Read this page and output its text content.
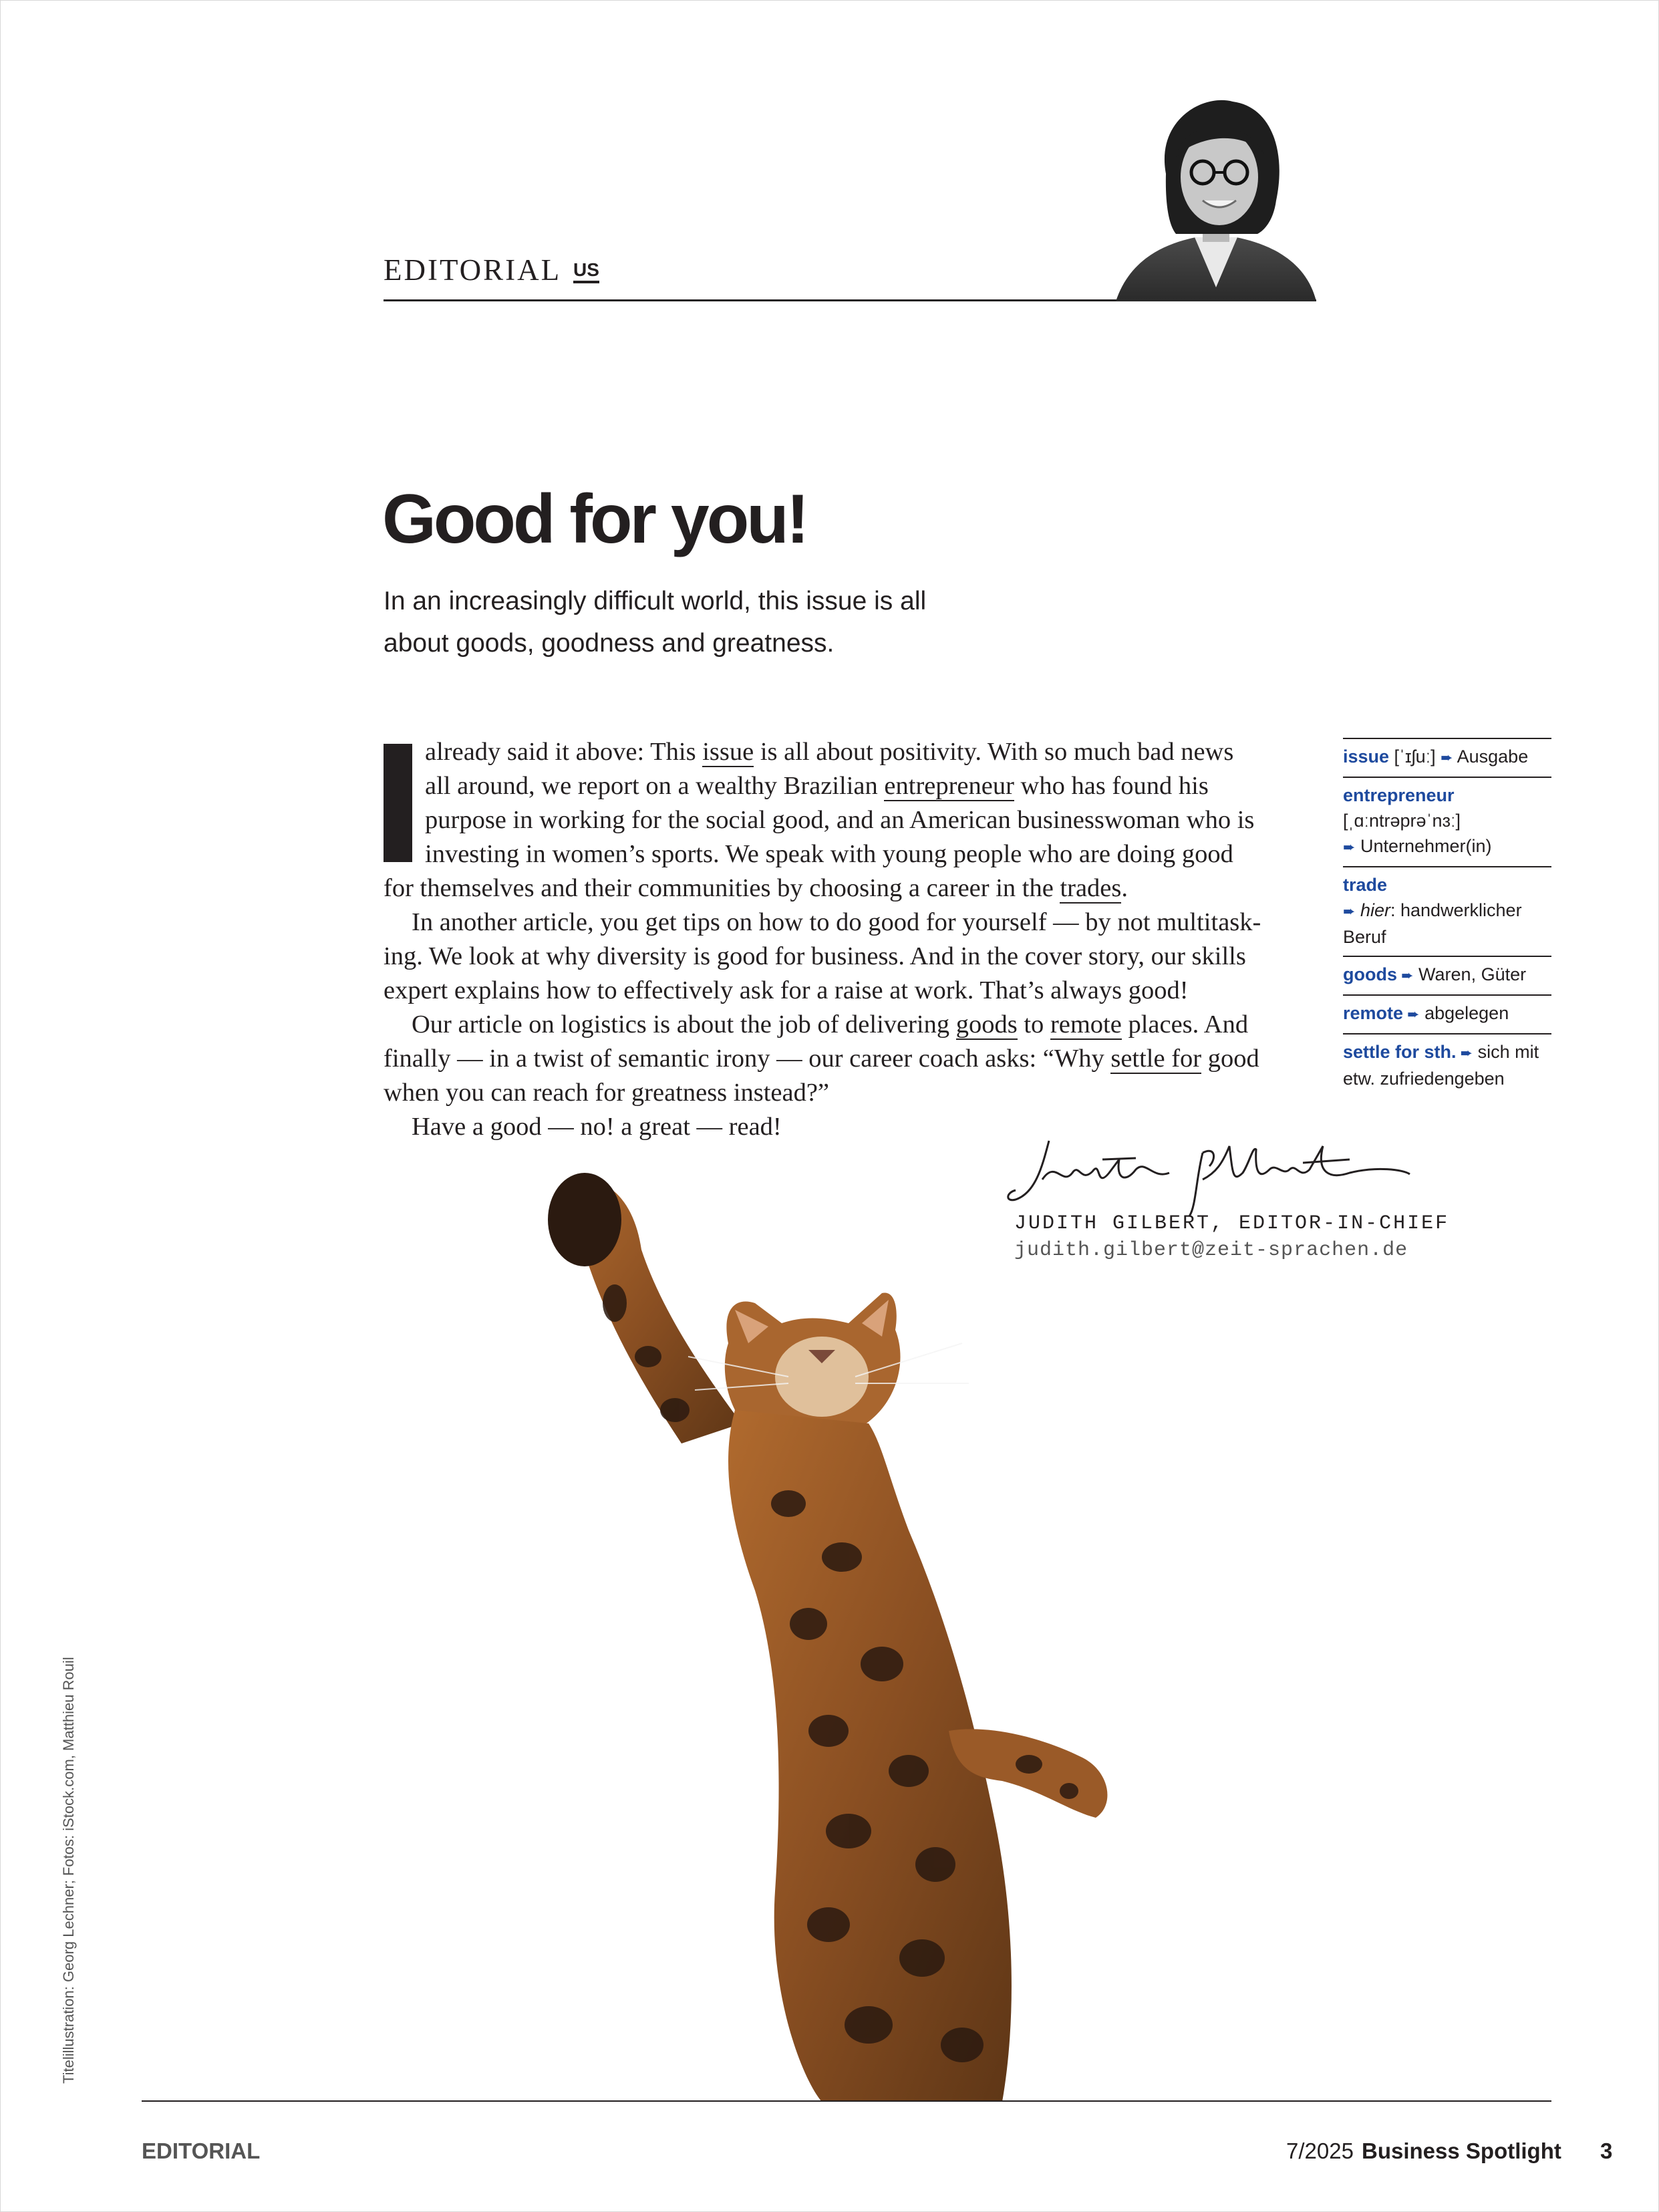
EDITORIAL US
Good for you!

In an increasingly difficult world, this issue is all
about goods, goodness and greatness.

already said it above: This issue is all about positivity. With so much bad news
all around, we report on a wealthy Brazilian entrepreneur who has found his
purpose in working for the social good, and an American businesswoman who is
investing in women’s sports. We speak with young people who are doing good
for themselves and their communities by choosing a career in the trades.
In another article, you get tips on how to do good for yourself — by not multitask-
ing. We look at why diversity is good for business. And in the cover story, our skills
expert explains how to effectively ask for a raise at work. That’s always good!
Our article on logistics is about the job of delivering goods to remote places. And
finally — in a twist of semantic irony — our career coach asks: “Why settle for good
when you can reach for greatness instead?”
Have a good — no! a great — read!
issue [ˈɪʃuː] ➨ Ausgabe
entrepreneur
[ˌɑːntrəprəˈnɜː]
➨ Unternehmer(in)
trade
➨ hier: handwerklicher
Beruf
goods ➨ Waren, Güter
remote ➨ abgelegen
settle for sth. ➨ sich mit
etw. zufriedengeben
JUDITH GILBERT, EDITOR-IN-CHIEF
judith.gilbert@zeit-sprachen.de
Titelillustration: Georg Lechner; Fotos: iStock.com, Matthieu Rouil
EDITORIAL	7/2025 Business Spotlight 3
